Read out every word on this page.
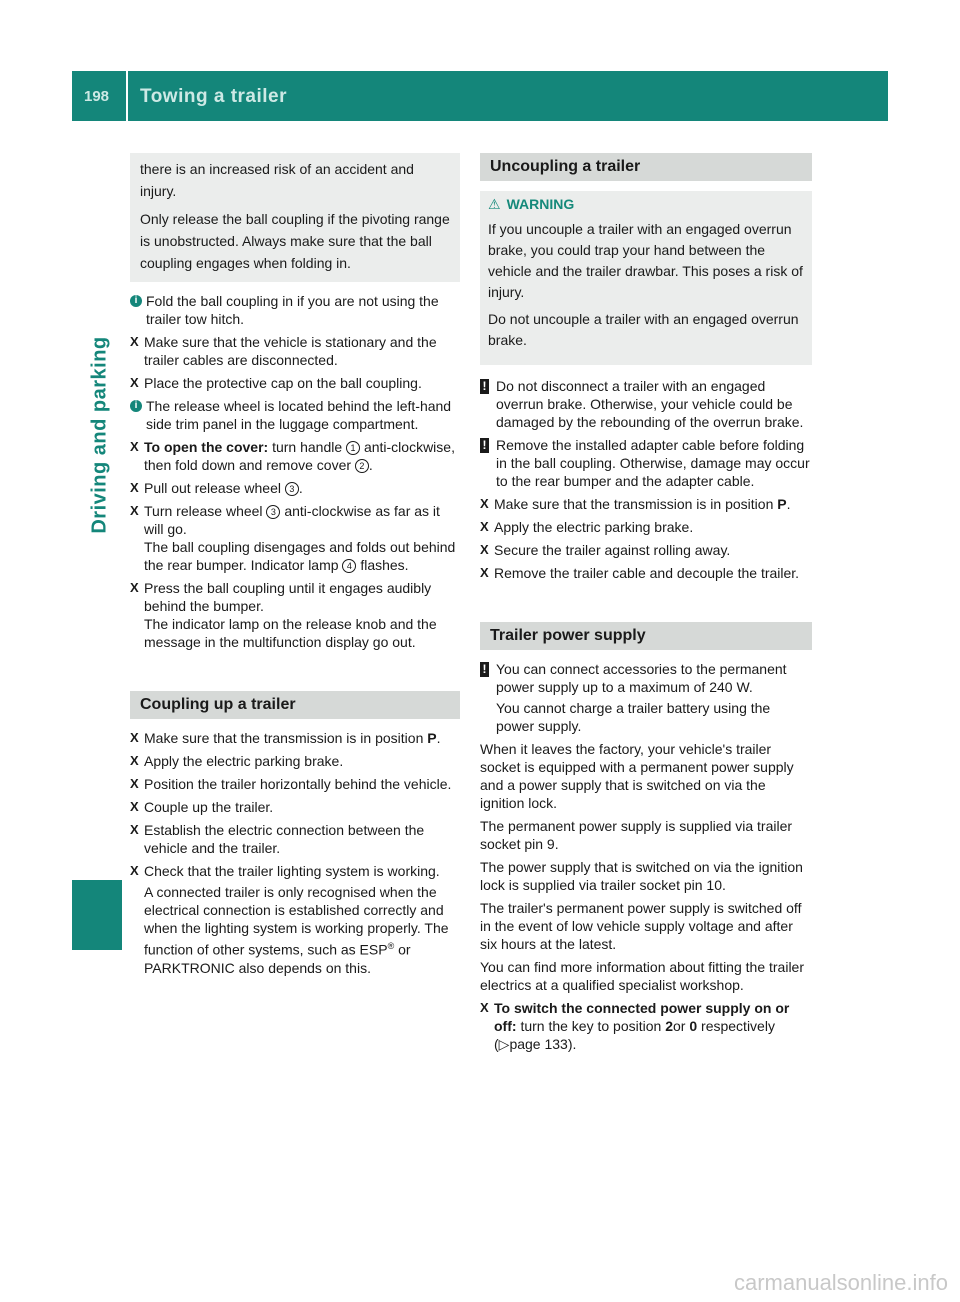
198 Towing a trailer
Driving and parking

there is an increased risk of an accident and injury.

Only release the ball coupling if the pivoting range is unobstructed. Always make sure that the ball coupling engages when folding in.

i Fold the ball coupling in if you are not using the trailer tow hitch.

X Make sure that the vehicle is stationary and the trailer cables are disconnected.

X Place the protective cap on the ball coupling.

i The release wheel is located behind the left-hand side trim panel in the luggage compartment.

X To open the cover: turn handle 1 anti-clockwise, then fold down and remove cover 2 .

X Pull out release wheel 3 .

X Turn release wheel 3 anti-clockwise as far as it will go.

The ball coupling disengages and folds out behind the rear bumper. Indicator lamp 4 flashes.

X Press the ball coupling until it engages audibly behind the bumper.

The indicator lamp on the release knob and the message in the multifunction display go out.

Coupling up a trailer
X Make sure that the transmission is in position P.

X Apply the electric parking brake.

X Position the trailer horizontally behind the vehicle.

X Couple up the trailer.

X Establish the electric connection between the vehicle and the trailer.

X Check that the trailer lighting system is working.

A connected trailer is only recognised when the electrical connection is established correctly and when the lighting system is working properly. The function of other systems, such as ESP® or PARKTRONIC also depends on this.

Uncoupling a trailer
⚠ WARNING

If you uncouple a trailer with an engaged overrun brake, you could trap your hand between the vehicle and the trailer drawbar. This poses a risk of injury.

Do not uncouple a trailer with an engaged overrun brake.

! Do not disconnect a trailer with an engaged overrun brake. Otherwise, your vehicle could be damaged by the rebounding of the overrun brake.

! Remove the installed adapter cable before folding in the ball coupling. Otherwise, damage may occur to the rear bumper and the adapter cable.

X Make sure that the transmission is in position P.

X Apply the electric parking brake.

X Secure the trailer against rolling away.

X Remove the trailer cable and decouple the trailer.

Trailer power supply
! You can connect accessories to the permanent power supply up to a maximum of 240 W.

You cannot charge a trailer battery using the power supply.

When it leaves the factory, your vehicle's trailer socket is equipped with a permanent power supply and a power supply that is switched on via the ignition lock.

The permanent power supply is supplied via trailer socket pin 9.

The power supply that is switched on via the ignition lock is supplied via trailer socket pin 10.

The trailer's permanent power supply is switched off in the event of low vehicle supply voltage and after six hours at the latest.

You can find more information about fitting the trailer electrics at a qualified specialist workshop.

X To switch the connected power supply on or off: turn the key to position 2or 0 respectively (▷page 133).

carmanualsonline.info
